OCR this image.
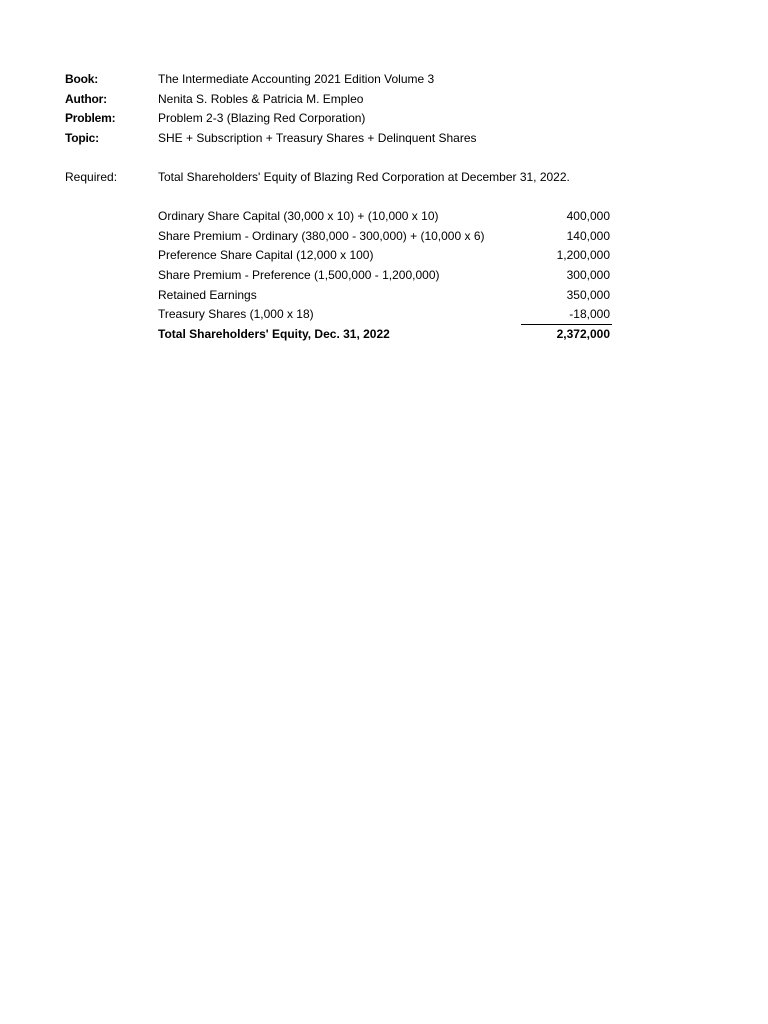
Book:	The Intermediate Accounting 2021 Edition Volume 3
Author:	Nenita S. Robles & Patricia M. Empleo
Problem:	Problem 2-3 (Blazing Red Corporation)
Topic:	SHE + Subscription + Treasury Shares + Delinquent Shares
Required:	Total Shareholders' Equity of Blazing Red Corporation at December 31, 2022.
Ordinary Share Capital (30,000 x 10) + (10,000 x 10)	400,000
Share Premium - Ordinary (380,000 - 300,000) + (10,000 x 6)	140,000
Preference Share Capital (12,000 x 100)	1,200,000
Share Premium - Preference (1,500,000 - 1,200,000)	300,000
Retained Earnings	350,000
Treasury Shares (1,000 x 18)	-18,000
Total Shareholders' Equity, Dec. 31, 2022	2,372,000
